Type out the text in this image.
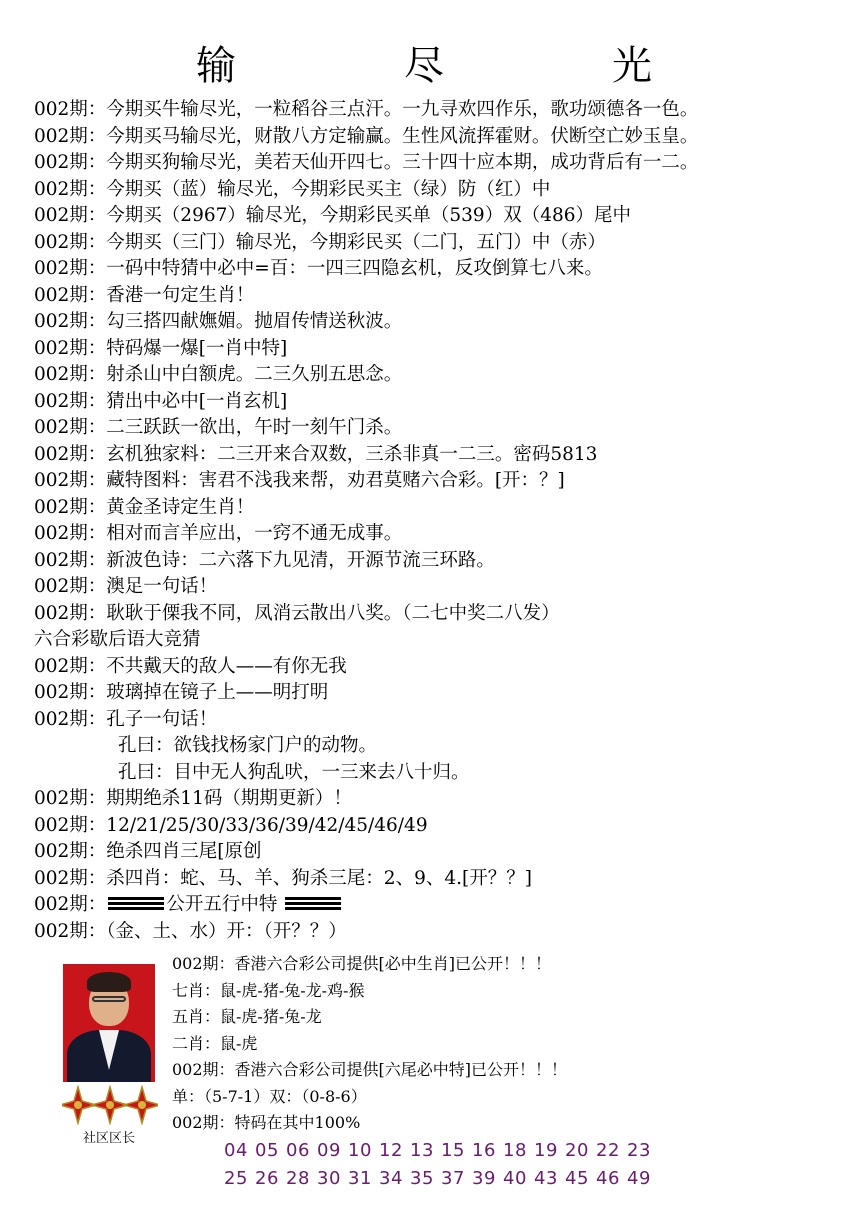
输　尽　光
002期：今期买牛输尽光，一粒稻谷三点汗。一九寻欢四作乐，歌功颂德各一色。
002期：今期买马输尽光，财散八方定输赢。生性风流挥霍财。伏断空亡妙玉皇。
002期：今期买狗输尽光，美若天仙开四七。三十四十应本期，成功背后有一二。
002期：今期买（蓝）输尽光，今期彩民买主（绿）防（红）中
002期：今期买（2967）输尽光，今期彩民买单（539）双（486）尾中
002期：今期买（三门）输尽光，今期彩民买（二门，五门）中（赤）
002期：一码中特猜中必中=百：一四三四隐玄机，反攻倒算七八来。
002期：香港一句定生肖！
002期：勾三搭四献嫵媚。抛眉传情送秋波。
002期：特码爆一爆[一肖中特]
002期：射杀山中白额虎。二三久别五思念。
002期：猜出中必中[一肖玄机]
002期：二三跃跃一欲出，午时一刻午门杀。
002期：玄机独家料：二三开来合双数，三杀非真一二三。密码5813
002期：藏特图料：害君不浅我来帮，劝君莫赌六合彩。[开：？]
002期：黄金圣诗定生肖！
002期：相对而言羊应出，一窍不通无成事。
002期：新波色诗：二六落下九见清，开源节流三环路。
002期：澳足一句话！
002期：耿耿于傈我不同，凤消云散出八奖。（二七中奖二八发）
六合彩歇后语大竞猜
002期：不共戴天的敌人——有你无我
002期：玻璃掉在镜子上——明打明
002期：孔子一句话！
孔曰：欲钱找杨家门户的动物。
孔曰：目中无人狗乱吠，一三来去八十归。
002期：期期绝杀11码（期期更新）！
002期：12/21/25/30/33/36/39/42/45/46/49
002期：绝杀四肖三尾[原创
002期：杀四肖：蛇、马、羊、狗杀三尾：2、9、4.[开？？]
002期：	公开五行中特
002期：（金、土、水）开：（开？？）
社区区长
002期：香港六合彩公司提供[必中生肖]已公开！！！
七肖：鼠-虎-猪-兔-龙-鸡-猴
五肖：鼠-虎-猪-兔-龙
二肖：鼠-虎
002期：香港六合彩公司提供[六尾必中特]已公开！！！
单：（5-7-1）双：（0-8-6）
002期：特码在其中100%
04 05 06 09 10 12 13 15 16 18 19 20 22 23
25 26 28 30 31 34 35 37 39 40 43 45 46 49
